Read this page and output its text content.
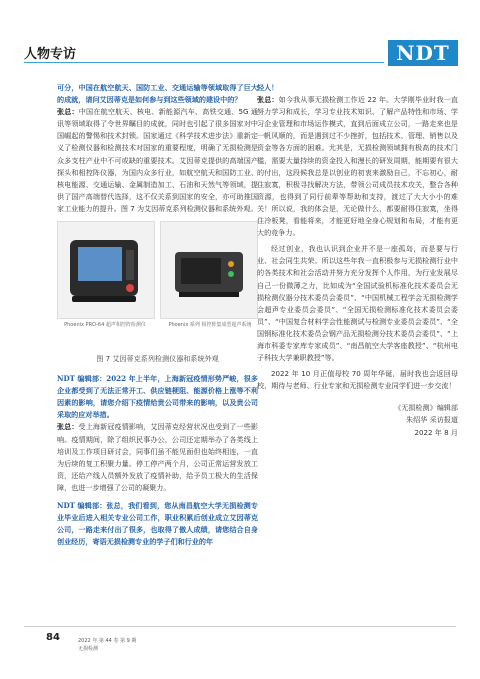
人物专访	NDT

可分，中国在航空航天、国防工业、交通运输等领域取得了巨大的成就，请问艾因蒂克是如何参与到这些领域的建设中的？

张总：中国在航空航天、核电、新能源汽车、高铁交通、5G 通讯等领域取得了令世界瞩目的成就，同时也引起了很多国家对中国崛起的警惕和技术封锁。国家通过《科学技术进步法》重新定义了检测仪器和检测技术对国家的重要程度，明确了无损检测是众多支柱产业中不可或缺的重要技术。艾因蒂克提供的高端国产探头和相控阵仪器，为国内众多行业，如航空航天和国防工业、核电能源、交通运输、金属制造加工、石油和天然气等领域，提供了国产高端替代选择，这不仅关系到国家的安全，亦可助推国家工业能力的提升。图 7 为艾因蒂克系列检测仪器和系统外观。

Phoenix PRO-64 超声相控阵检测仪	Phoenix 系列 相控阵集成型超声系统
图 7 艾因蒂克系列检测仪器和系统外观

NDT 编辑部：2022 年上半年，上海新冠疫情形势严峻，很多企业都受到了无法正常开工、供应链梗阻、能源价格上涨等不利因素的影响，请您介绍下疫情给贵公司带来的影响，以及贵公司采取的应对举措。

张总：受上海新冠疫情影响，艾因蒂克经营状况也受到了一些影响。疫情期间，除了组织民事办公，公司还定期举办了各类线上培训及工作项目研讨会，同事们虽不能见面但也始终相连，一直为后续的复工积聚力量。停工停产两个月，公司正常运营发放工资，还给产线人员额外发放了疫情补助，给予员工极大的生活保障，也进一步增强了公司的凝聚力。

NDT 编辑部：张总，我们看到，您从南昌航空大学无损检测专业毕业后进入相关专业公司工作，职业积累后创业成立艾因蒂克公司，一路走来付出了很多，也取得了傲人成绩，请您结合自身创业经历，寄语无损检测专业的学子们和行业的年

轻人！

张总：如今我从事无损检测工作近 22 年。大学刚毕业时我一直努力学习和成长，学习专业技术知识、了解产品特性和市场、学习企业管理和市场运作模式，直到后面成立公司，一路走来也是一帆风顺的，而是遇到过不少挫折，包括技术、管理、销售以及资金等各方面的困难。尤其是，无损检测领域拥有极高的技术门槛，需要大量持续的资金投入和漫长的研发周期，能期要有很大的付出，这段候我总是以创业的初衷来激励自己，不忘初心，耐住寂寞，积极寻找解决方法，带领公司成员技术攻关，整合各种资源，也得到了同行前辈等帮助和支持，渡过了大大小小的难关！所以说，我的体会是，无论做什么，都要耐得住寂寞，坐得住冷板凳，看能将来，才能更好地全身心规划和布局，才能有更大的竞争力。

经过创业，我也认识到企业并不是一座孤岛，而是要与行业、社会同生共荣。所以这些年我一直积极参与无损检测行业中的各类技术和社会活动并努力充分发挥个人作用，为行业发展尽自己一份微薄之力，比如成为“全国试验机标准化技术委员会无损检测仪器分技术委员会委员”、“中国机械工程学会无损检测学会超声专业委员会委员”、“全国无损检测标准化技术委员会委员”、“中国复合材料学会性能测试与检测专业委员会委员”、“全国钢标准化技术委员会钢产品无损检测分技术委员会委员”、“上海市科委专家库专家成员”、“南昌航空大学客座教授”、“杭州电子科技大学兼职教授”等。

2022 年 10 月正值母校 70 周年华诞，届时我也会返回母校，期待与老师、行业专家和无损检测专业同学们进一步交流！

《无损检测》编辑部

朱绍华 采访报道

2022 年 8 月

84	2022 年 第 44 卷 第 9 期
无损检测
